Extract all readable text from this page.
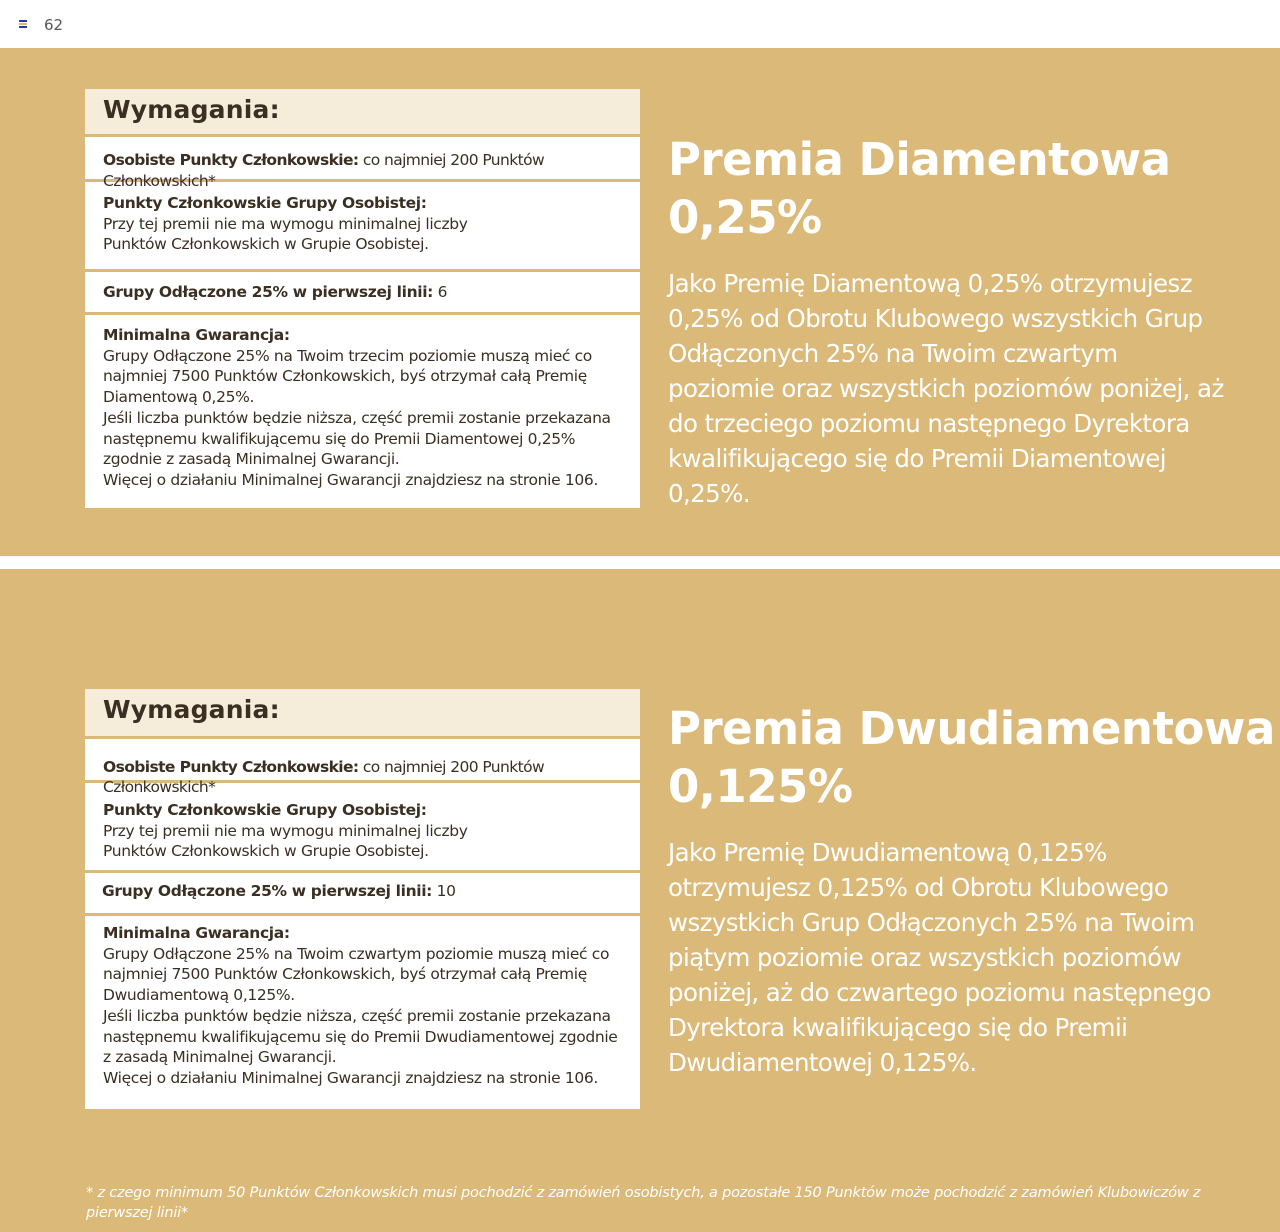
62
Wymagania:
Osobiste Punkty Członkowskie: co najmniej 200 Punktów Członkowskich*

Punkty Członkowskie Grupy Osobistej:

Przy tej premii nie ma wymogu minimalnej liczby Punktów Członkowskich w Grupie Osobistej.

Grupy Odłączone 25% w pierwszej linii: 6

Minimalna Gwarancja:

Grupy Odłączone 25% na Twoim trzecim poziomie muszą mieć co najmniej 7500 Punktów Członkowskich, byś otrzymał całą Premię Diamentową 0,25%.

Jeśli liczba punktów będzie niższa, część premii zostanie przekazana następnemu kwalifikującemu się do Premii Diamentowej 0,25% zgodnie z zasadą Minimalnej Gwarancji.

Więcej o działaniu Minimalnej Gwarancji znajdziesz na stronie 106.

Premia Diamentowa
0,25%
Jako Premię Diamentową 0,25% otrzymujesz 0,25% od Obrotu Klubowego wszystkich Grup Odłączonych 25% na Twoim czwartym poziomie oraz wszystkich poziomów poniżej, aż do trzeciego poziomu następnego Dyrektora kwalifikującego się do Premii Diamentowej 0,25%.
Wymagania:
Osobiste Punkty Członkowskie: co najmniej 200 Punktów Członkowskich*

Punkty Członkowskie Grupy Osobistej:

Przy tej premii nie ma wymogu minimalnej liczby Punktów Członkowskich w Grupie Osobistej.

Grupy Odłączone 25% w pierwszej linii: 10

Minimalna Gwarancja:

Grupy Odłączone 25% na Twoim czwartym poziomie muszą mieć co najmniej 7500 Punktów Członkowskich, byś otrzymał całą Premię Dwudiamentową 0,125%.

Jeśli liczba punktów będzie niższa, część premii zostanie przekazana następnemu kwalifikującemu się do Premii Dwudiamentowej zgodnie z zasadą Minimalnej Gwarancji.

Więcej o działaniu Minimalnej Gwarancji znajdziesz na stronie 106.

Premia Dwudiamentowa
0,125%
Jako Premię Dwudiamentową 0,125% otrzymujesz 0,125% od Obrotu Klubowego wszystkich Grup Odłączonych 25% na Twoim piątym poziomie oraz wszystkich poziomów poniżej, aż do czwartego poziomu następnego Dyrektora kwalifikującego się do Premii Dwudiamentowej 0,125%.
* z czego minimum 50 Punktów Członkowskich musi pochodzić z zamówień osobistych, a pozostałe 150 Punktów może pochodzić z zamówień Klubowiczów z pierwszej linii*
